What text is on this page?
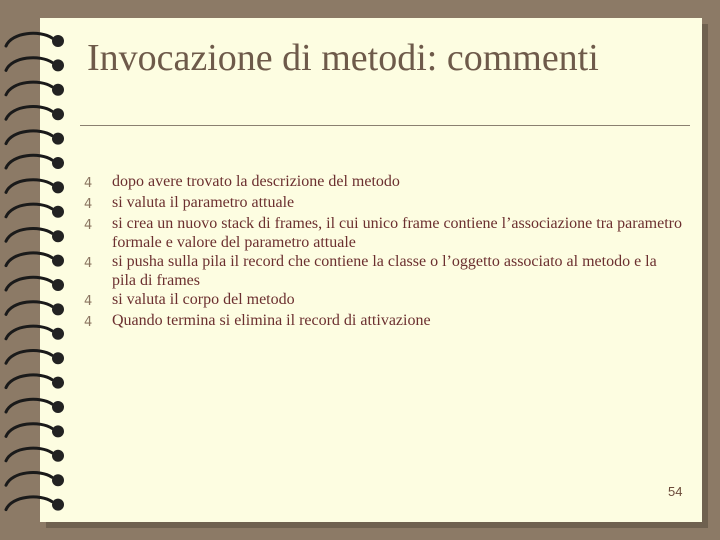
Invocazione di metodi: commenti
4 dopo avere trovato la descrizione del metodo
4 si valuta il parametro attuale
4 si crea un nuovo stack di frames, il cui unico frame contiene l’associazione tra parametro formale e valore del parametro attuale
4 si pusha sulla pila il record che contiene la classe o l’oggetto associato al metodo e la pila di frames
4 si valuta il corpo del metodo
4 Quando termina si elimina il record di attivazione
54
